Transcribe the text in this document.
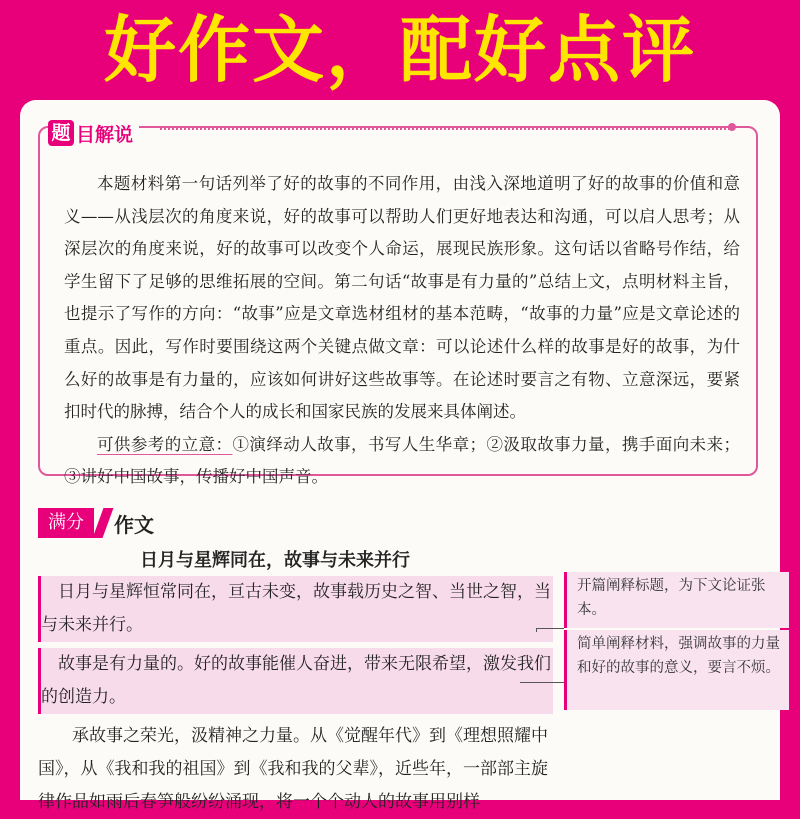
好作文，配好点评
题 目解说

本题材料第一句话列举了好的故事的不同作用，由浅入深地道明了好的故事的价值和意义——从浅层次的角度来说，好的故事可以帮助人们更好地表达和沟通，可以启人思考；从深层次的角度来说，好的故事可以改变个人命运，展现民族形象。这句话以省略号作结，给学生留下了足够的思维拓展的空间。第二句话“故事是有力量的”总结上文，点明材料主旨，也提示了写作的方向：“故事”应是文章选材组材的基本范畴，“故事的力量”应是文章论述的重点。因此，写作时要围绕这两个关键点做文章：可以论述什么样的故事是好的故事，为什么好的故事是有力量的，应该如何讲好这些故事等。在论述时要言之有物、立意深远，要紧扣时代的脉搏，结合个人的成长和国家民族的发展来具体阐述。

可供参考的立意：①演绎动人故事，书写人生华章；②汲取故事力量，携手面向未来；③讲好中国故事，传播好中国声音。

满分	作文
日月与星辉同在，故事与未来并行

日月与星辉恒常同在，亘古未变，故事载历史之智、当世之智，当与未来并行。

故事是有力量的。好的故事能催人奋进，带来无限希望，激发我们的创造力。

承故事之荣光，汲精神之力量。从《觉醒年代》到《理想照耀中国》，从《我和我的祖国》到《我和我的父辈》，近些年，一部部主旋律作品如雨后春笋般纷纷涌现，将一个个动人的故事用别样

开篇阐释标题，为下文论证张本。
简单阐释材料，强调故事的力量和好的故事的意义，要言不烦。
